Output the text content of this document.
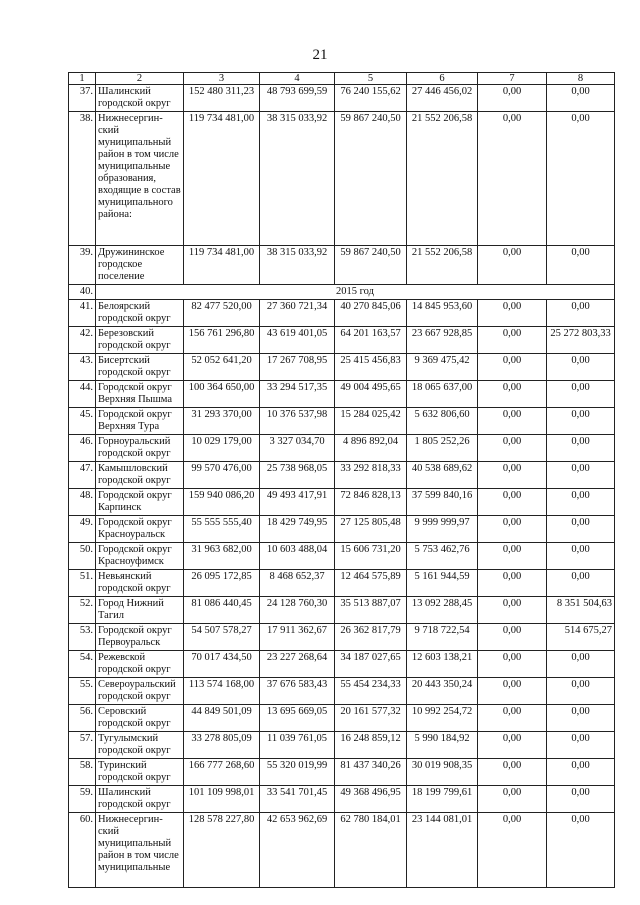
21
1	2	3	4	5	6	7	8
37.	Шалинский городской округ	152 480 311,23	48 793 699,59	76 240 155,62	27 446 456,02	0,00	0,00
38.	Нижнесергин-ский муниципальный район в том числе муниципальные образования, входящие в состав муниципального района:	119 734 481,00	38 315 033,92	59 867 240,50	21 552 206,58	0,00	0,00
39.	Дружининское городское поселение	119 734 481,00	38 315 033,92	59 867 240,50	21 552 206,58	0,00	0,00
40.	2015 год						
41.	Белоярский городской округ	82 477 520,00	27 360 721,34	40 270 845,06	14 845 953,60	0,00	0,00
42.	Березовский городской округ	156 761 296,80	43 619 401,05	64 201 163,57	23 667 928,85	0,00	25 272 803,33
43.	Бисертский городской округ	52 052 641,20	17 267 708,95	25 415 456,83	9 369 475,42	0,00	0,00
44.	Городской округ Верхняя Пышма	100 364 650,00	33 294 517,35	49 004 495,65	18 065 637,00	0,00	0,00
45.	Городской округ Верхняя Тура	31 293 370,00	10 376 537,98	15 284 025,42	5 632 806,60	0,00	0,00
46.	Горноуральский городской округ	10 029 179,00	3 327 034,70	4 896 892,04	1 805 252,26	0,00	0,00
47.	Камышловский городской округ	99 570 476,00	25 738 968,05	33 292 818,33	40 538 689,62	0,00	0,00
48.	Городской округ Карпинск	159 940 086,20	49 493 417,91	72 846 828,13	37 599 840,16	0,00	0,00
49.	Городской округ Красноуральск	55 555 555,40	18 429 749,95	27 125 805,48	9 999 999,97	0,00	0,00
50.	Городской округ Красноуфимск	31 963 682,00	10 603 488,04	15 606 731,20	5 753 462,76	0,00	0,00
51.	Невьянский городской округ	26 095 172,85	8 468 652,37	12 464 575,89	5 161 944,59	0,00	0,00
52.	Город Нижний Тагил	81 086 440,45	24 128 760,30	35 513 887,07	13 092 288,45	0,00	8 351 504,63
53.	Городской округ Первоуральск	54 507 578,27	17 911 362,67	26 362 817,79	9 718 722,54	0,00	514 675,27
54.	Режевской городской округ	70 017 434,50	23 227 268,64	34 187 027,65	12 603 138,21	0,00	0,00
55.	Североуральский городской округ	113 574 168,00	37 676 583,43	55 454 234,33	20 443 350,24	0,00	0,00
56.	Серовский городской округ	44 849 501,09	13 695 669,05	20 161 577,32	10 992 254,72	0,00	0,00
57.	Тугулымский городской округ	33 278 805,09	11 039 761,05	16 248 859,12	5 990 184,92	0,00	0,00
58.	Туринский городской округ	166 777 268,60	55 320 019,99	81 437 340,26	30 019 908,35	0,00	0,00
59.	Шалинский городской округ	101 109 998,01	33 541 701,45	49 368 496,95	18 199 799,61	0,00	0,00
60.	Нижнесергин-ский муниципальный район в том числе муниципальные	128 578 227,80	42 653 962,69	62 780 184,01	23 144 081,01	0,00	0,00
